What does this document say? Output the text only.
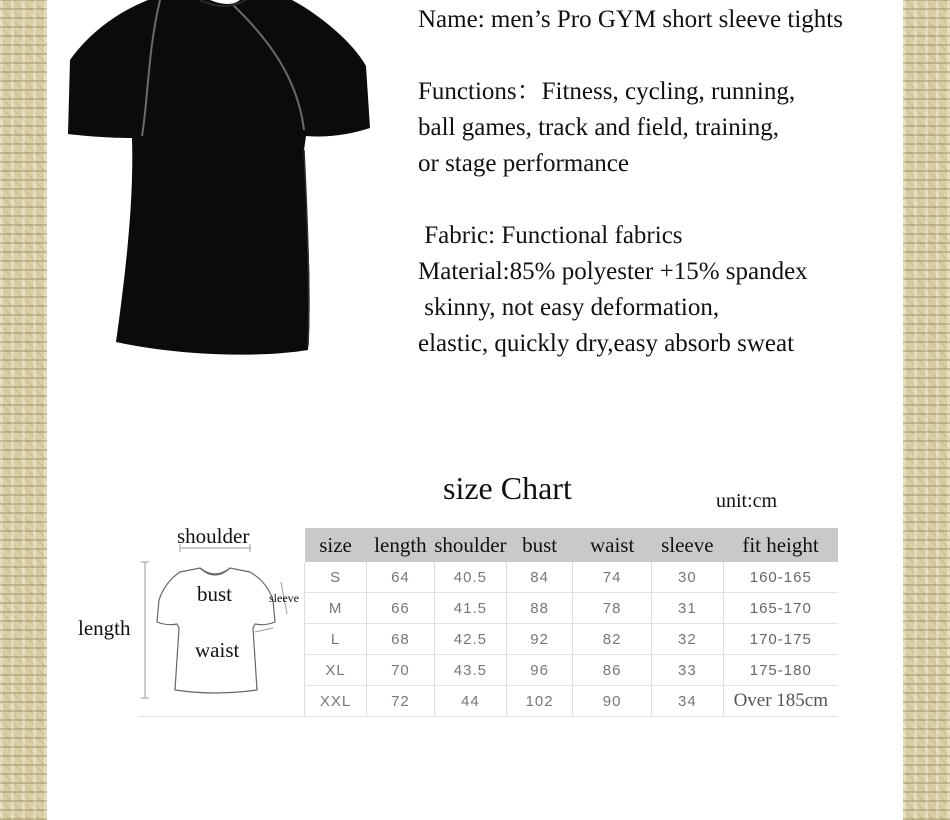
Name: men’s Pro GYM short sleeve tights

Functions：Fitness, cycling, running,

ball games, track and field, training,

or stage performance

Fabric: Functional fabrics

Material:85% polyester +15% spandex

skinny, not easy deformation,

elastic, quickly dry,easy absorb sweat

size Chart	unit:cm
shoulder
length
bust
waist
sleeve
size	length	shoulder	bust	waist	sleeve	fit height
S	64	40.5	84	74	30	160-165
M	66	41.5	88	78	31	165-170
L	68	42.5	92	82	32	170-175
XL	70	43.5	96	86	33	175-180
XXL	72	44	102	90	34	Over 185cm
